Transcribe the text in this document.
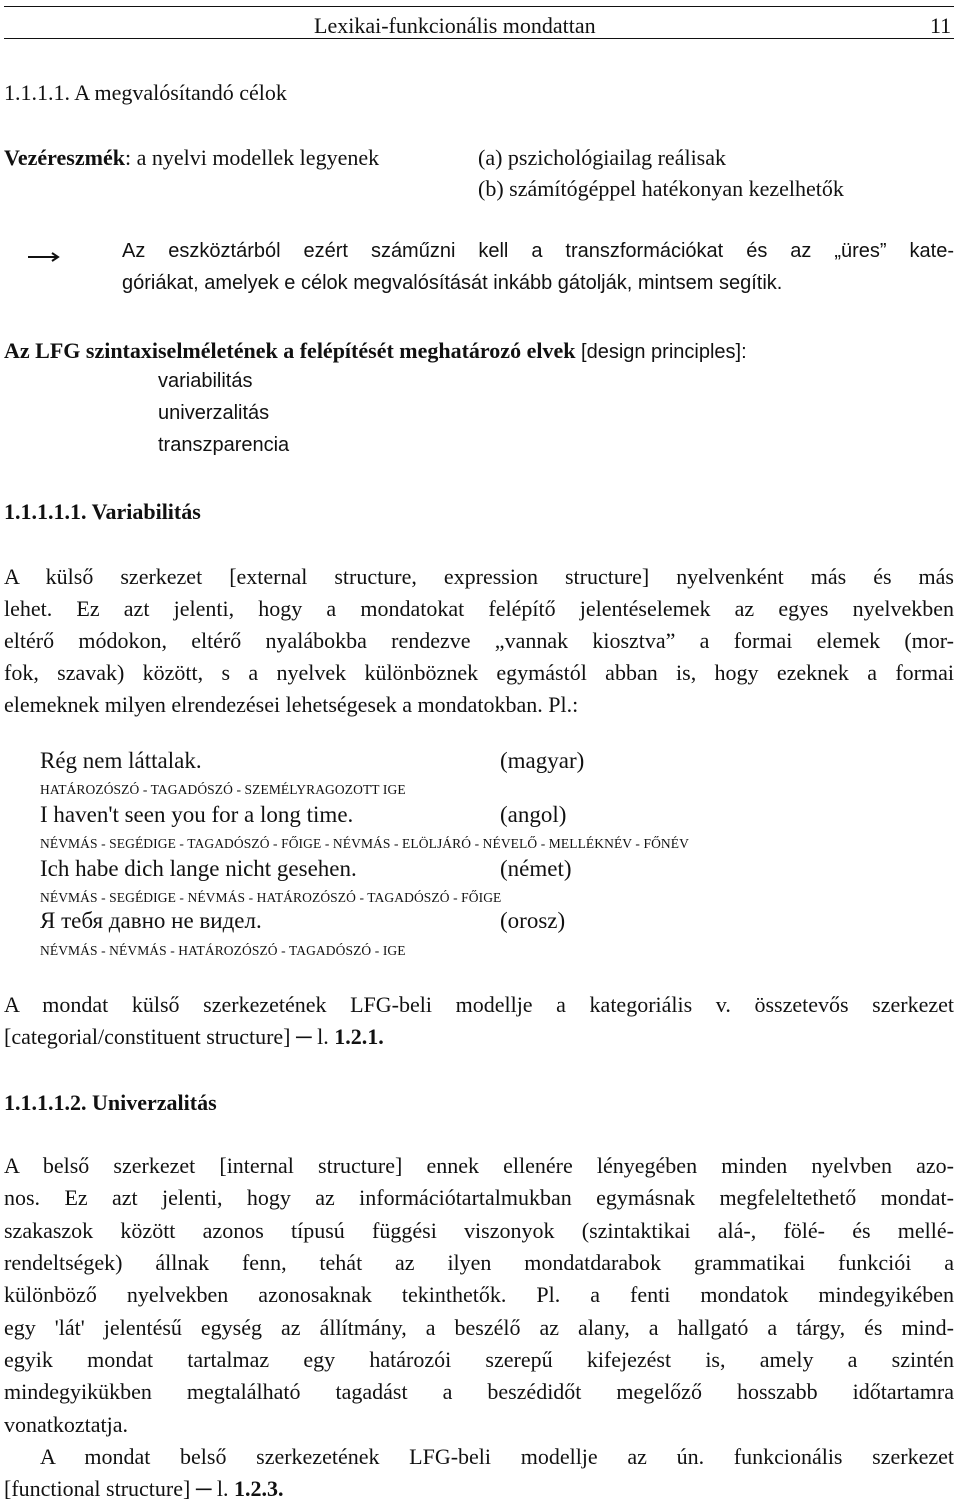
Lexikai-funkcionális mondattan	11
1.1.1.1. A megvalósítandó célok
Vezéreszmék: a nyelvi modellek legyenek	(a) pszichológiailag reálisak
(b) számítógéppel hatékonyan kezelhetők
Az eszköztárból ezért száműzni kell a transzformációkat és az „üres” kate-
góriákat, amelyek e célok megvalósítását inkább gátolják, mintsem segítik.
Az LFG szintaxiselméletének a felépítését meghatározó elvek [design principles]:
variabilitás
univerzalitás
transzparencia
1.1.1.1.1. Variabilitás
A külső szerkezet [external structure, expression structure] nyelvenként más és más
lehet. Ez azt jelenti, hogy a mondatokat felépítő jelentéselemek az egyes nyelvekben
eltérő módokon, eltérő nyalábokba rendezve „vannak kiosztva” a formai elemek (mor-
fok, szavak) között, s a nyelvek különböznek egymástól abban is, hogy ezeknek a formai
elemeknek milyen elrendezései lehetségesek a mondatokban. Pl.:
Rég nem láttalak.	(magyar)
HATÁROZÓSZÓ - TAGADÓSZÓ - SZEMÉLYRAGOZOTT IGE
I haven't seen you for a long time.	(angol)
NÉVMÁS - SEGÉDIGE - TAGADÓSZÓ - FŐIGE - NÉVMÁS - ELÖLJÁRÓ - NÉVELŐ - MELLÉKNÉV - FŐNÉV
Ich habe dich lange nicht gesehen.	(német)
NÉVMÁS - SEGÉDIGE - NÉVMÁS - HATÁROZÓSZÓ - TAGADÓSZÓ - FŐIGE
Я тебя давно не видел.	(orosz)
NÉVMÁS - NÉVMÁS - HATÁROZÓSZÓ - TAGADÓSZÓ - IGE
A mondat külső szerkezetének LFG-beli modellje a kategoriális v. összetevős szerkezet
[categorial/constituent structure] ─ l. 1.2.1.
1.1.1.1.2. Univerzalitás
A belső szerkezet [internal structure] ennek ellenére lényegében minden nyelvben azo-
nos. Ez azt jelenti, hogy az információtartalmukban egymásnak megfeleltethető mondat-
szakaszok között azonos típusú függési viszonyok (szintaktikai alá-, fölé- és mellé-
rendeltségek) állnak fenn, tehát az ilyen mondatdarabok grammatikai funkciói a
különböző nyelvekben azonosaknak tekinthetők. Pl. a fenti mondatok mindegyikében
egy 'lát' jelentésű egység az állítmány, a beszélő az alany, a hallgató a tárgy, és mind-
egyik mondat tartalmaz egy határozói szerepű kifejezést is, amely a szintén
mindegyikükben megtalálható tagadást a beszédidőt megelőző hosszabb időtartamra
vonatkoztatja.
A mondat belső szerkezetének LFG-beli modellje az ún. funkcionális szerkezet
[functional structure] ─ l. 1.2.3.
